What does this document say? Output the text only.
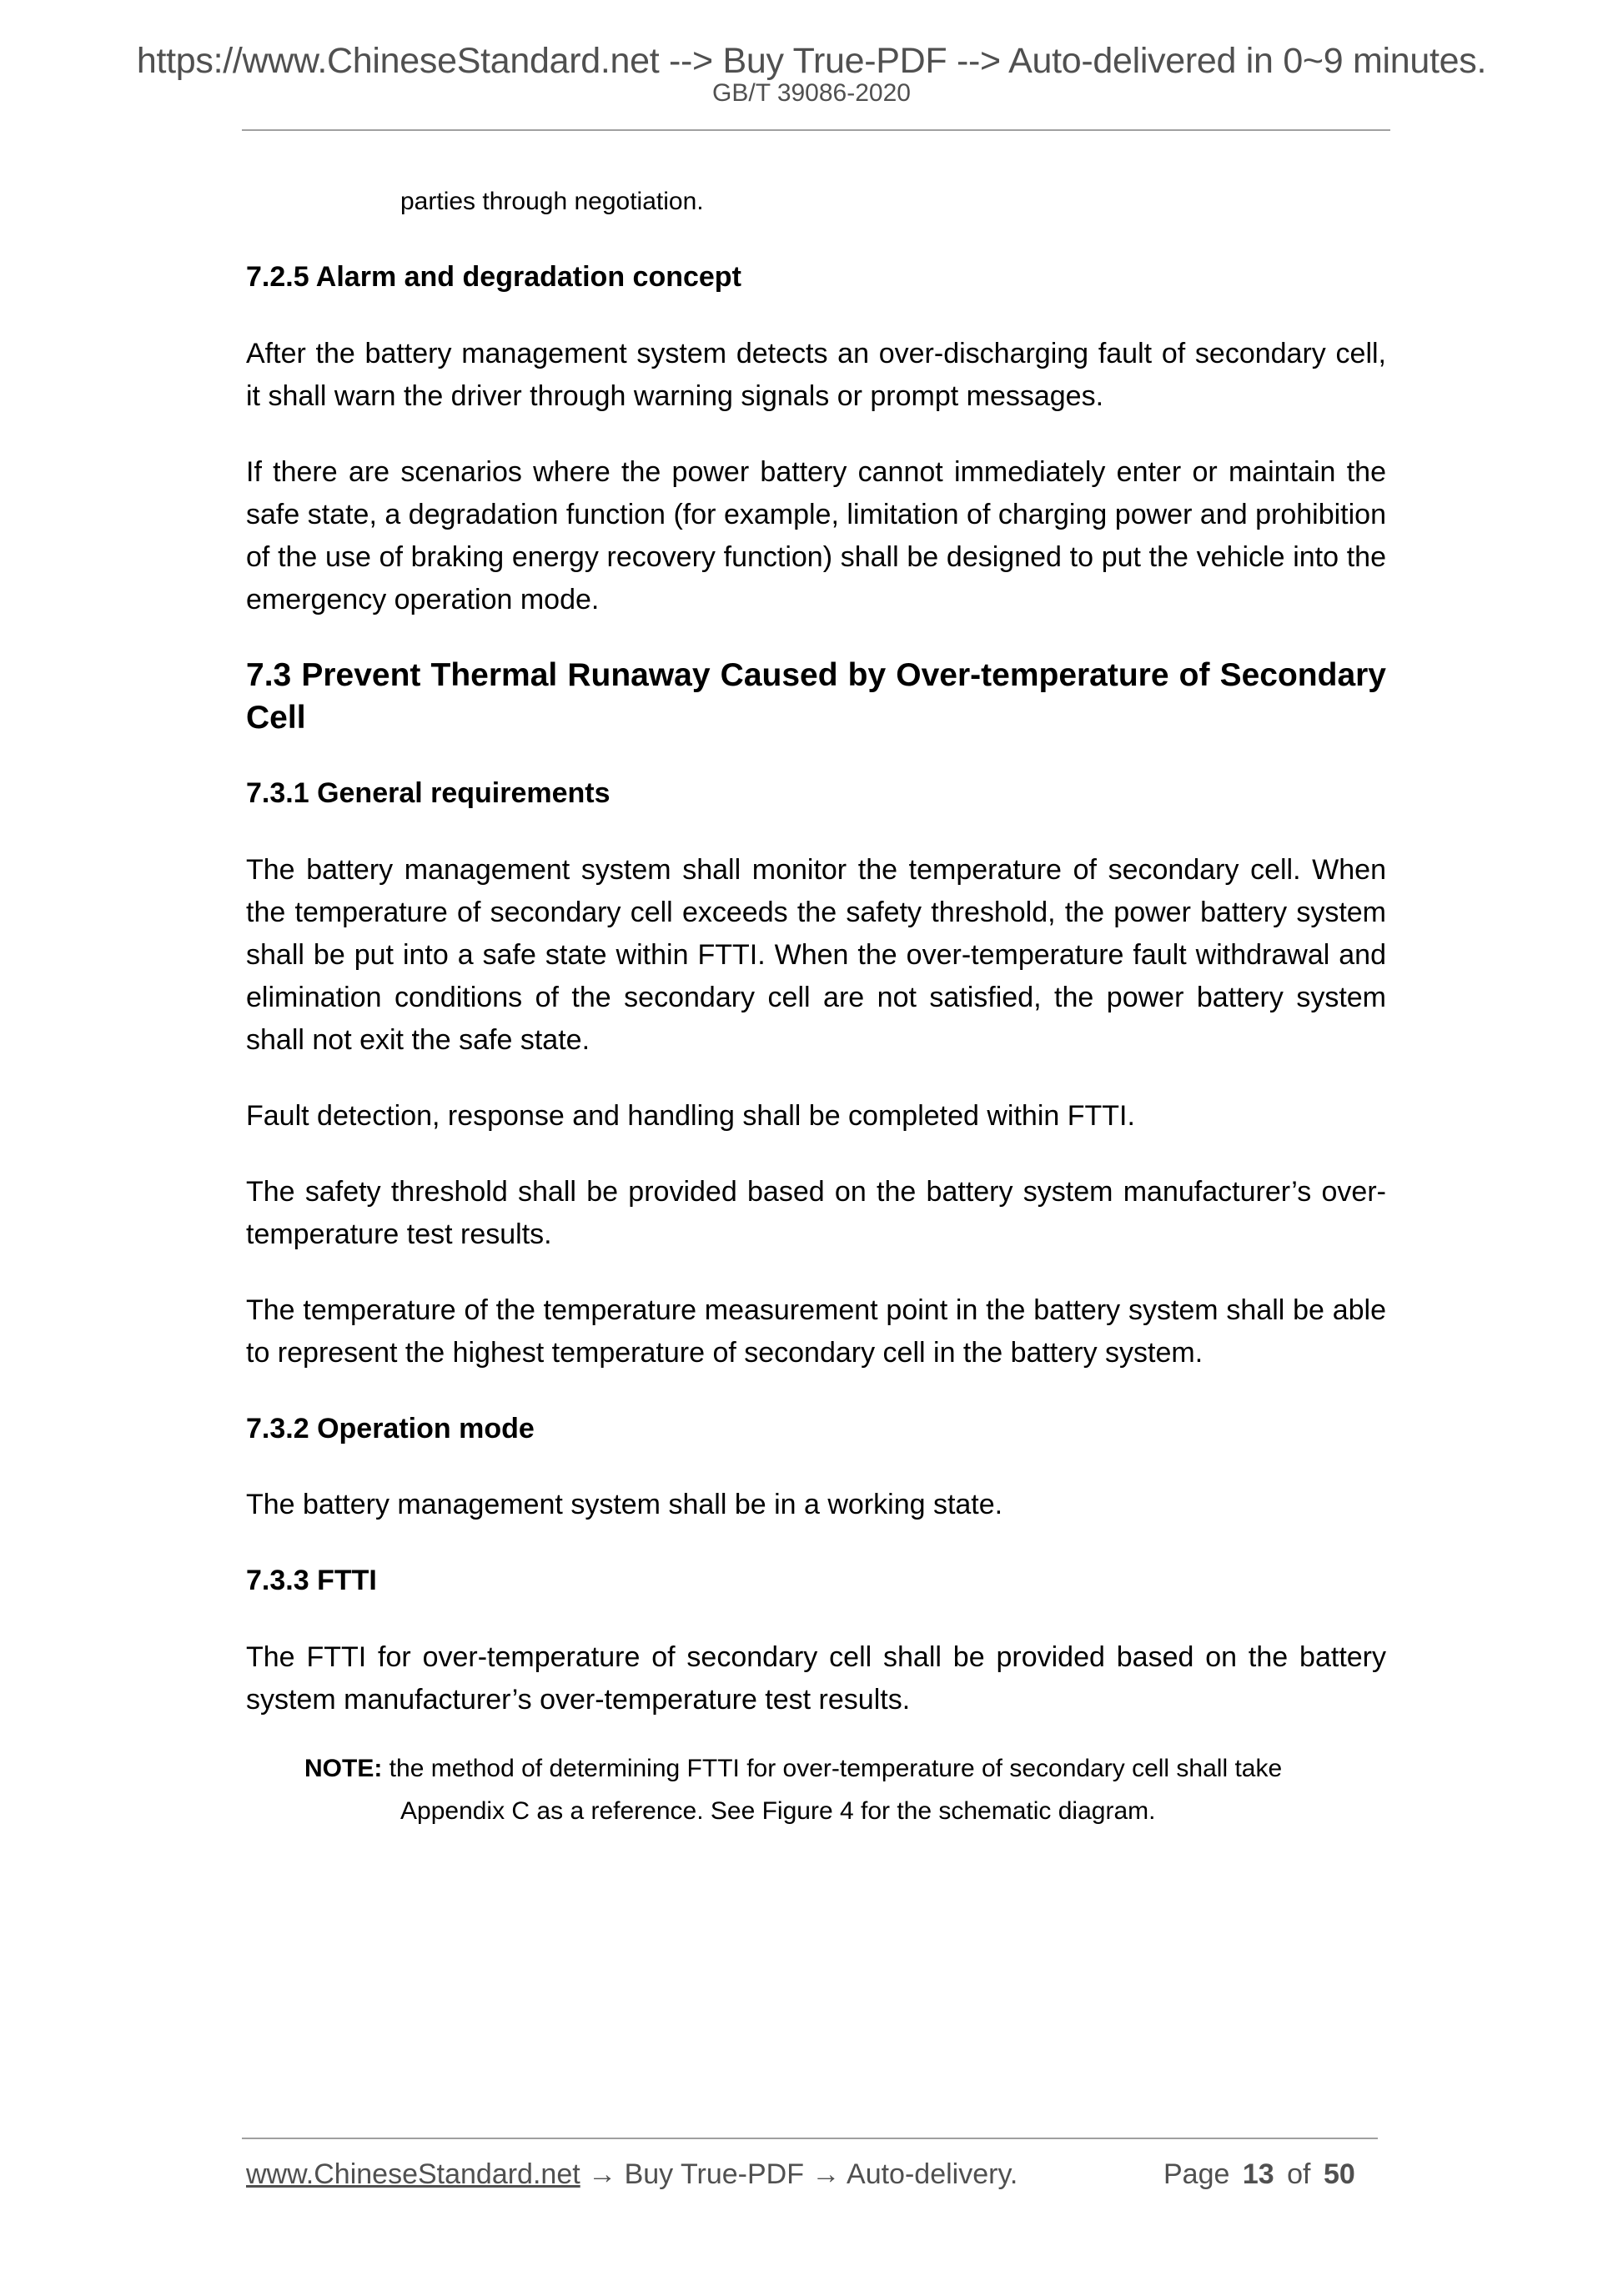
https://www.ChineseStandard.net --> Buy True-PDF --> Auto-delivered in 0~9 minutes.
GB/T 39086-2020
parties through negotiation.
7.2.5 Alarm and degradation concept
After the battery management system detects an over-discharging fault of secondary cell, it shall warn the driver through warning signals or prompt messages.
If there are scenarios where the power battery cannot immediately enter or maintain the safe state, a degradation function (for example, limitation of charging power and prohibition of the use of braking energy recovery function) shall be designed to put the vehicle into the emergency operation mode.
7.3 Prevent Thermal Runaway Caused by Over-temperature of Secondary Cell
7.3.1 General requirements
The battery management system shall monitor the temperature of secondary cell. When the temperature of secondary cell exceeds the safety threshold, the power battery system shall be put into a safe state within FTTI. When the over-temperature fault withdrawal and elimination conditions of the secondary cell are not satisfied, the power battery system shall not exit the safe state.
Fault detection, response and handling shall be completed within FTTI.
The safety threshold shall be provided based on the battery system manufacturer’s over-temperature test results.
The temperature of the temperature measurement point in the battery system shall be able to represent the highest temperature of secondary cell in the battery system.
7.3.2 Operation mode
The battery management system shall be in a working state.
7.3.3 FTTI
The FTTI for over-temperature of secondary cell shall be provided based on the battery system manufacturer’s over-temperature test results.
NOTE: the method of determining FTTI for over-temperature of secondary cell shall take
Appendix C as a reference. See Figure 4 for the schematic diagram.
www.ChineseStandard.net → Buy True-PDF → Auto-delivery.	Page 13 of 50
